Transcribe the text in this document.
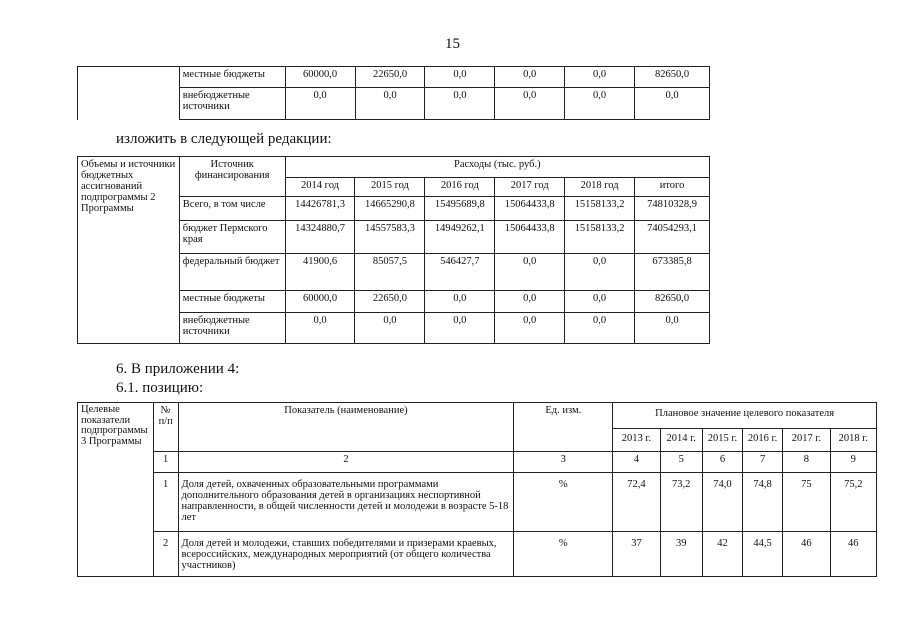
15
	местные бюджеты	60000,0	22650,0	0,0	0,0	0,0	82650,0
	внебюджетные источники	0,0	0,0	0,0	0,0	0,0	0,0
изложить в следующей редакции:
Объемы и источники бюджетных ассигнований подпрограммы 2 Программы	Источник финансирования	Расходы (тыс. руб.)					
		2014 год	2015 год	2016 год	2017 год	2018 год	итого
	Всего, в том числе	14426781,3	14665290,8	15495689,8	15064433,8	15158133,2	74810328,9
	бюджет Пермского края	14324880,7	14557583,3	14949262,1	15064433,8	15158133,2	74054293,1
	федеральный бюджет	41900,6	85057,5	546427,7	0,0	0,0	673385,8
	местные бюджеты	60000,0	22650,0	0,0	0,0	0,0	82650,0
	внебюджетные источники	0,0	0,0	0,0	0,0	0,0	0,0
6. В приложении 4:
6.1. позицию:
Целевые показатели подпрограммы 3 Программы	№ п/п	Показатель (наименование)	Ед. изм.	Плановое значение целевого показателя					
				2013 г.	2014 г.	2015 г.	2016 г.	2017 г.	2018 г.
	1	2	3	4	5	6	7	8	9
	1	Доля детей, охваченных образовательными программами дополнительного образования детей в организациях неспортивной направленности, в общей численности детей и молодежи в возрасте 5-18 лет	%	72,4	73,2	74,0	74,8	75	75,2
	2	Доля детей и молодежи, ставших победителями и призерами краевых, всероссийских, международных мероприятий (от общего количества участников)	%	37	39	42	44,5	46	46
